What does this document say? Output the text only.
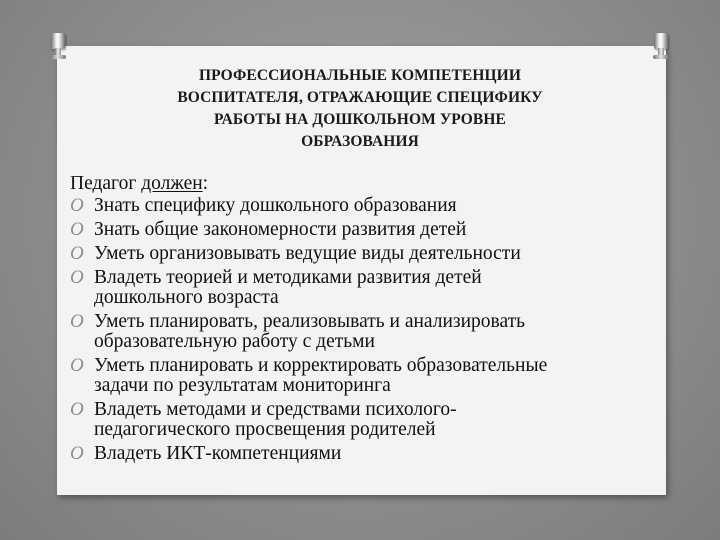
ПРОФЕССИОНАЛЬНЫЕ КОМПЕТЕНЦИИ
ВОСПИТАТЕЛЯ, ОТРАЖАЮЩИЕ СПЕЦИФИКУ
РАБОТЫ НА ДОШКОЛЬНОМ УРОВНЕ
ОБРАЗОВАНИЯ
Педагог должен:
O Знать специфику дошкольного образования
O Знать общие закономерности развития детей
O Уметь организовывать ведущие виды деятельности
O Владеть теорией и методиками развития детей
дошкольного возраста
O Уметь планировать, реализовывать и анализировать
образовательную работу с детьми
O Уметь планировать и корректировать образовательные
задачи по результатам мониторинга
O Владеть методами и средствами психолого-
педагогического просвещения родителей
O Владеть ИКТ-компетенциями
